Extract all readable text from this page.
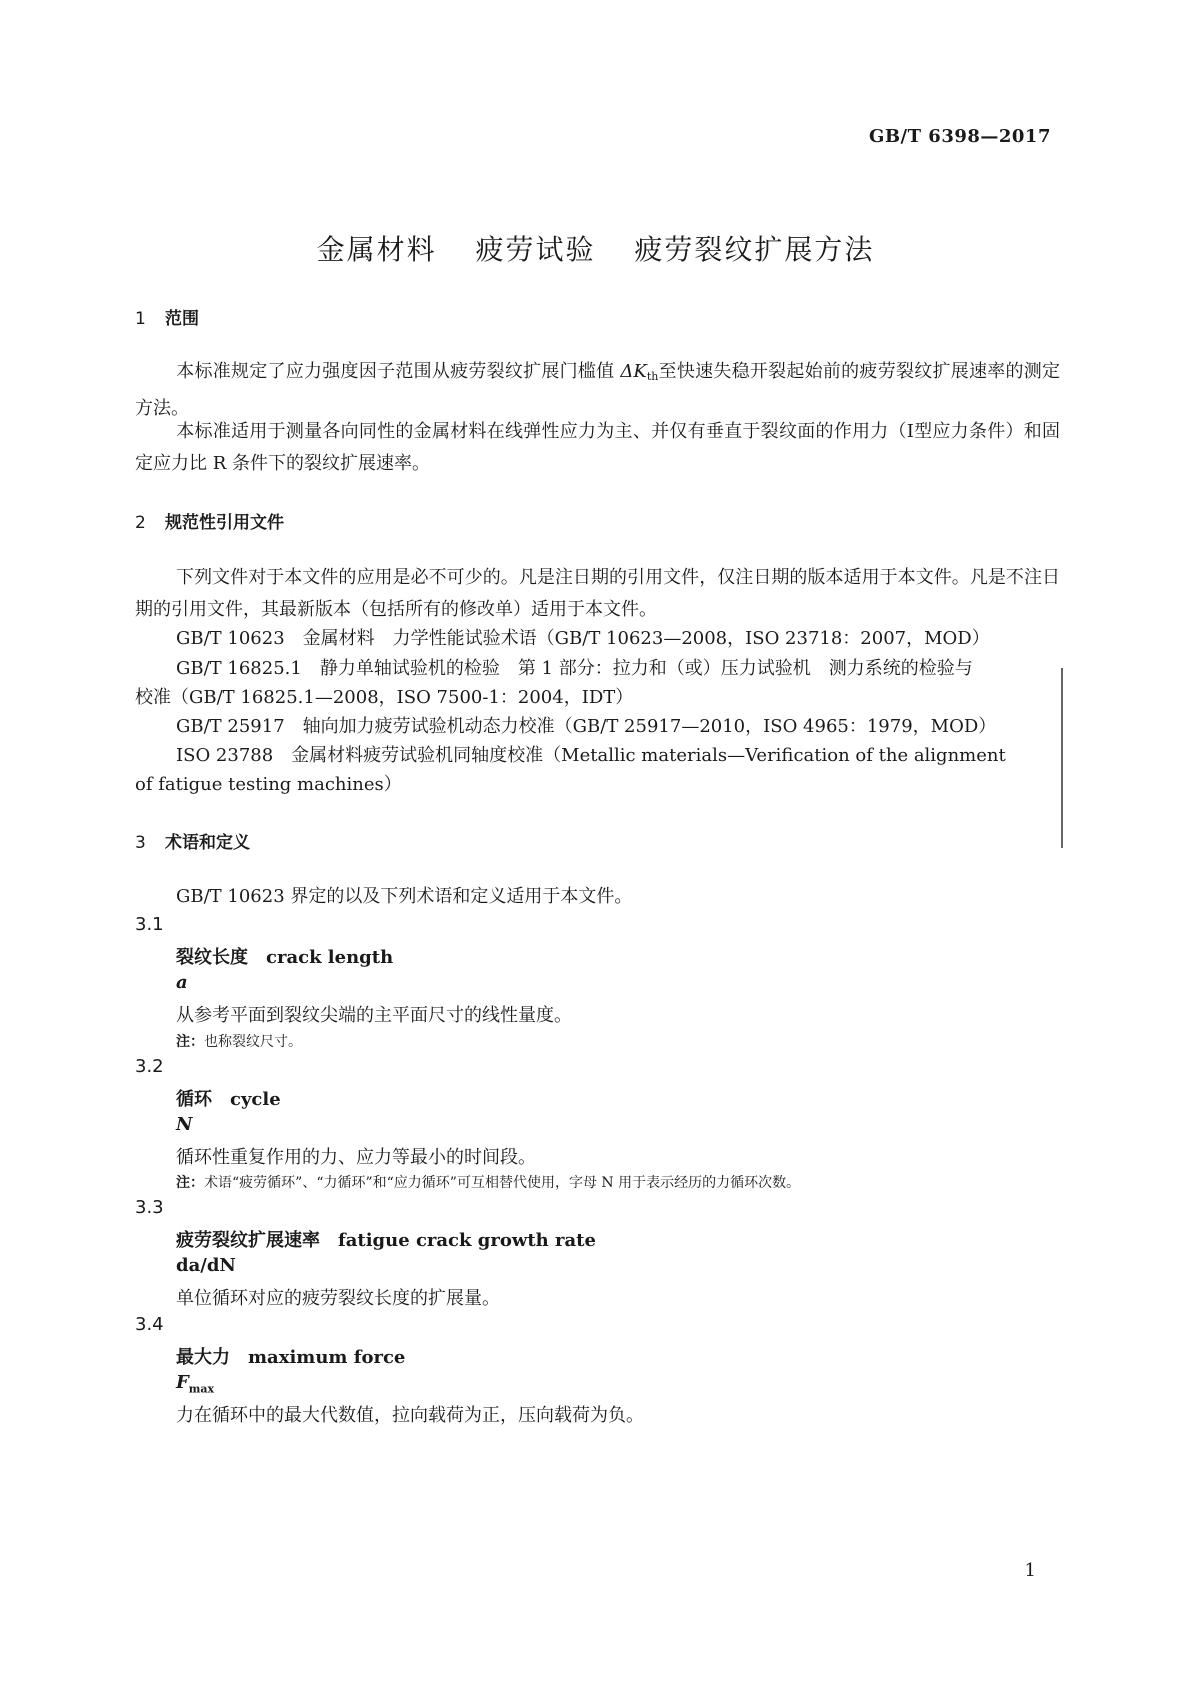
GB/T 6398—2017
金属材料 疲劳试验 疲劳裂纹扩展方法
1 范围
本标准规定了应力强度因子范围从疲劳裂纹扩展门槛值 ΔKth至快速失稳开裂起始前的疲劳裂纹扩展速率的测定方法。
本标准适用于测量各向同性的金属材料在线弹性应力为主、并仅有垂直于裂纹面的作用力（Ⅰ型应力条件）和固定应力比 R 条件下的裂纹扩展速率。
2 规范性引用文件
下列文件对于本文件的应用是必不可少的。凡是注日期的引用文件，仅注日期的版本适用于本文件。凡是不注日期的引用文件，其最新版本（包括所有的修改单）适用于本文件。
GB/T 10623　金属材料　力学性能试验术语（GB/T 10623—2008，ISO 23718：2007，MOD）
GB/T 16825.1　静力单轴试验机的检验　第 1 部分：拉力和（或）压力试验机　测力系统的检验与
校准（GB/T 16825.1—2008，ISO 7500-1：2004，IDT）
GB/T 25917　轴向加力疲劳试验机动态力校准（GB/T 25917—2010，ISO 4965：1979，MOD）
ISO 23788　金属材料疲劳试验机同轴度校准（Metallic materials—Verification of the alignment
of fatigue testing machines）
3 术语和定义
GB/T 10623 界定的以及下列术语和定义适用于本文件。
3.1
裂纹长度 crack length
a
从参考平面到裂纹尖端的主平面尺寸的线性量度。
注：也称裂纹尺寸。
3.2
循环 cycle
N
循环性重复作用的力、应力等最小的时间段。
注：术语“疲劳循环”、“力循环”和“应力循环”可互相替代使用，字母 N 用于表示经历的力循环次数。
3.3
疲劳裂纹扩展速率 fatigue crack growth rate
da/dN
单位循环对应的疲劳裂纹长度的扩展量。
3.4
最大力 maximum force
$F_{max}$
力在循环中的最大代数值，拉向载荷为正，压向载荷为负。
1
